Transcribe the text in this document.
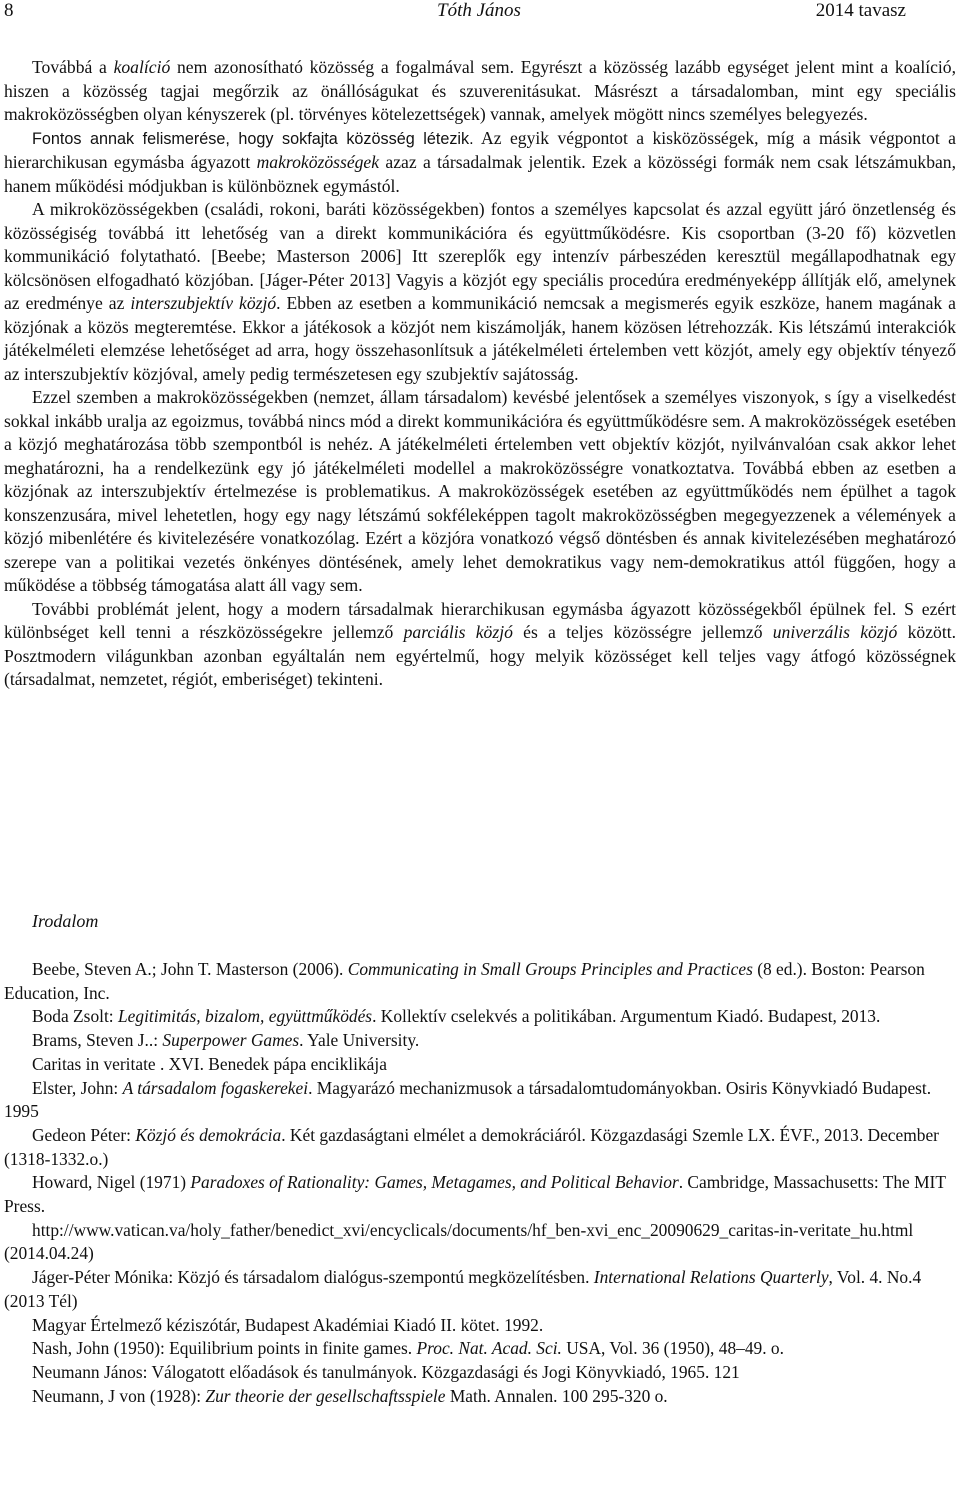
8	Tóth János	2014 tavasz

Továbbá a koalíció nem azonosítható közösség a fogalmával sem. Egyrészt a közösség lazább egységet jelent mint a koalíció, hiszen a közösség tagjai megőrzik az önállóságukat és szuverenitásukat. Másrészt a társadalomban, mint egy speciális makroközösségben olyan kényszerek (pl. törvényes kötelezettségek) vannak, amelyek mögött nincs személyes belegyezés.

Fontos annak felismerése, hogy sokfajta közösség létezik. Az egyik végpontot a kisközösségek, míg a másik végpontot a hierarchikusan egymásba ágyazott makroközösségek azaz a társadalmak jelentik. Ezek a közösségi formák nem csak létszámukban, hanem működési módjukban is különböznek egymástól.

A mikroközösségekben (családi, rokoni, baráti közösségekben) fontos a személyes kapcsolat és azzal együtt járó önzetlenség és közösségiség továbbá itt lehetőség van a direkt kommunikációra és együttműködésre. Kis csoportban (3-20 fő) közvetlen kommunikáció folytatható. [Beebe; Masterson 2006] Itt szereplők egy intenzív párbeszéden keresztül megállapodhatnak egy kölcsönösen elfogadható közjóban. [Jáger-Péter 2013] Vagyis a közjót egy speciális procedúra eredményeképp állítják elő, amelynek az eredménye az interszubjektív közjó. Ebben az esetben a kommunikáció nemcsak a megismerés egyik eszköze, hanem magának a közjónak a közös megteremtése. Ekkor a játékosok a közjót nem kiszámolják, hanem közösen létrehozzák. Kis létszámú interakciók játékelméleti elemzése lehetőséget ad arra, hogy összehasonlítsuk a játékelméleti értelemben vett közjót, amely egy objektív tényező az interszubjektív közjóval, amely pedig természetesen egy szubjektív sajátosság.

Ezzel szemben a makroközösségekben (nemzet, állam társadalom) kevésbé jelentősek a személyes viszonyok, s így a viselkedést sokkal inkább uralja az egoizmus, továbbá nincs mód a direkt kommunikációra és együttműködésre sem. A makroközösségek esetében a közjó meghatározása több szempontból is nehéz. A játékelméleti értelemben vett objektív közjót, nyilvánvalóan csak akkor lehet meghatározni, ha a rendelkezünk egy jó játékelméleti modellel a makroközösségre vonatkoztatva. Továbbá ebben az esetben a közjónak az interszubjektív értelmezése is problematikus. A makroközösségek esetében az együttműködés nem épülhet a tagok konszenzusára, mivel lehetetlen, hogy egy nagy létszámú sokféleképpen tagolt makroközösségben megegyezzenek a vélemények a közjó mibenlétére és kivitelezésére vonatkozólag. Ezért a közjóra vonatkozó végső döntésben és annak kivitelezésében meghatározó szerepe van a politikai vezetés önkényes döntésének, amely lehet demokratikus vagy nem-demokratikus attól függően, hogy a működése a többség támogatása alatt áll vagy sem.

További problémát jelent, hogy a modern társadalmak hierarchikusan egymásba ágyazott közösségekből épülnek fel. S ezért különbséget kell tenni a részközösségekre jellemző parciális közjó és a teljes közösségre jellemző univerzális közjó között. Posztmodern világunkban azonban egyáltalán nem egyértelmű, hogy melyik közösséget kell teljes vagy átfogó közösségnek (társadalmat, nemzetet, régiót, emberiséget) tekinteni.

Irodalom

Beebe, Steven A.; John T. Masterson (2006). Communicating in Small Groups Principles and Practices (8 ed.). Boston: Pearson Education, Inc.

Boda Zsolt: Legitimitás, bizalom, együttműködés. Kollektív cselekvés a politikában. Argumentum Kiadó. Budapest, 2013.

Brams, Steven J..: Superpower Games. Yale University.

Caritas in veritate . XVI. Benedek pápa enciklikája

Elster, John: A társadalom fogaskerekei. Magyarázó mechanizmusok a társadalomtudományokban. Osiris Könyvkiadó Budapest. 1995

Gedeon Péter: Közjó és demokrácia. Két gazdaságtani elmélet a demokráciáról. Közgazdasági Szemle LX. ÉVF., 2013. December (1318-1332.o.)

Howard, Nigel (1971) Paradoxes of Rationality: Games, Metagames, and Political Behavior. Cambridge, Massachusetts: The MIT Press.

http://www.vatican.va/holy_father/benedict_xvi/encyclicals/documents/hf_ben-xvi_enc_20090629_caritas-in-veritate_hu.html (2014.04.24)

Jáger-Péter Mónika: Közjó és társadalom dialógus-szempontú megközelítésben. International Relations Quarterly, Vol. 4. No.4 (2013 Tél)

Magyar Értelmező kéziszótár, Budapest Akadémiai Kiadó II. kötet. 1992.

Nash, John (1950): Equilibrium points in finite games. Proc. Nat. Acad. Sci. USA, Vol. 36 (1950), 48–49. o.

Neumann János: Válogatott előadások és tanulmányok. Közgazdasági és Jogi Könyvkiadó, 1965. 121

Neumann, J von (1928): Zur theorie der gesellschaftsspiele Math. Annalen. 100 295-320 o.
